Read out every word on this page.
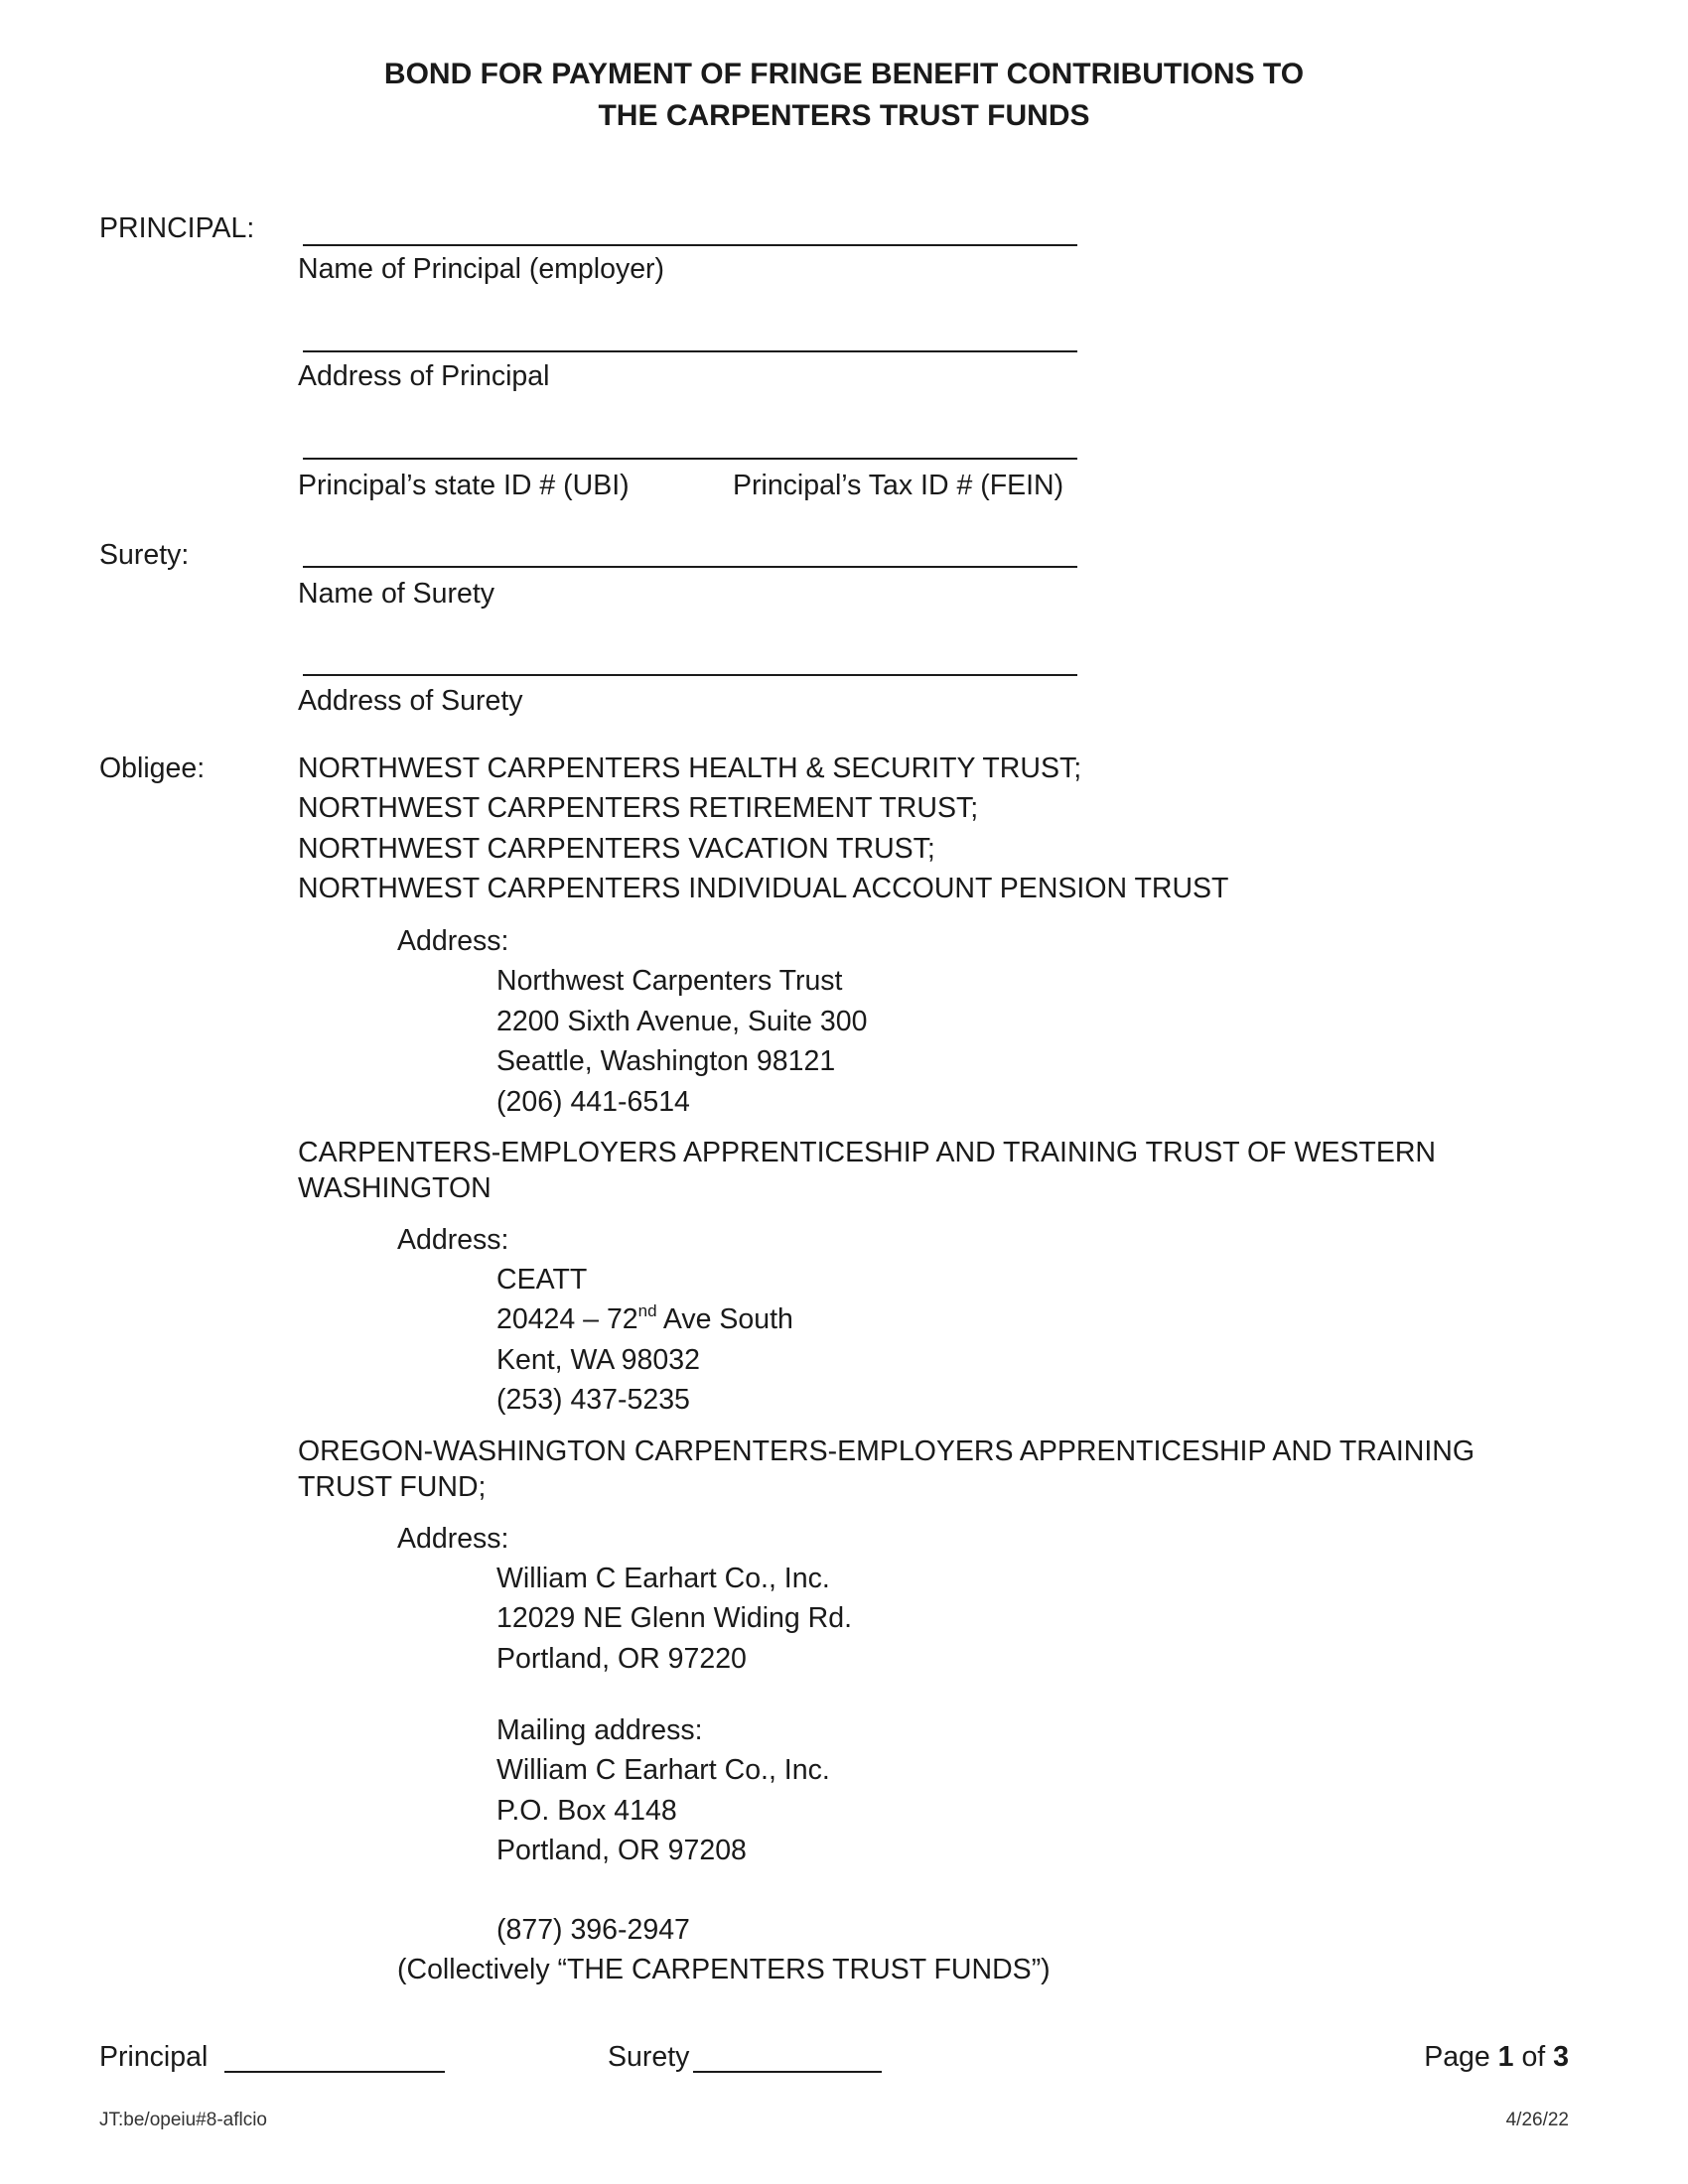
BOND FOR PAYMENT OF FRINGE BENEFIT CONTRIBUTIONS TO
THE CARPENTERS TRUST FUNDS
PRINCIPAL:
Name of Principal (employer)
Address of Principal
Principal’s state ID # (UBI)	Principal’s Tax ID # (FEIN)
Surety:
Name of Surety
Address of Surety
Obligee:	NORTHWEST CARPENTERS HEALTH & SECURITY TRUST;
NORTHWEST CARPENTERS RETIREMENT TRUST;
NORTHWEST CARPENTERS VACATION TRUST;
NORTHWEST CARPENTERS INDIVIDUAL ACCOUNT PENSION TRUST
Address:
Northwest Carpenters Trust
2200 Sixth Avenue, Suite 300
Seattle, Washington 98121
(206) 441-6514
CARPENTERS-EMPLOYERS APPRENTICESHIP AND TRAINING TRUST OF WESTERN
WASHINGTON
Address:
CEATT
20424 – 72nd Ave South
Kent, WA 98032
(253) 437-5235
OREGON-WASHINGTON CARPENTERS-EMPLOYERS APPRENTICESHIP AND TRAINING
TRUST FUND;
Address:
William C Earhart Co., Inc.
12029 NE Glenn Widing Rd.
Portland, OR 97220
Mailing address:
William C Earhart Co., Inc.
P.O. Box 4148
Portland, OR 97208
(877) 396-2947
(Collectively “THE CARPENTERS TRUST FUNDS”)
Principal	Surety	Page 1 of 3
JT:be/opeiu#8-aflcio	4/26/22
